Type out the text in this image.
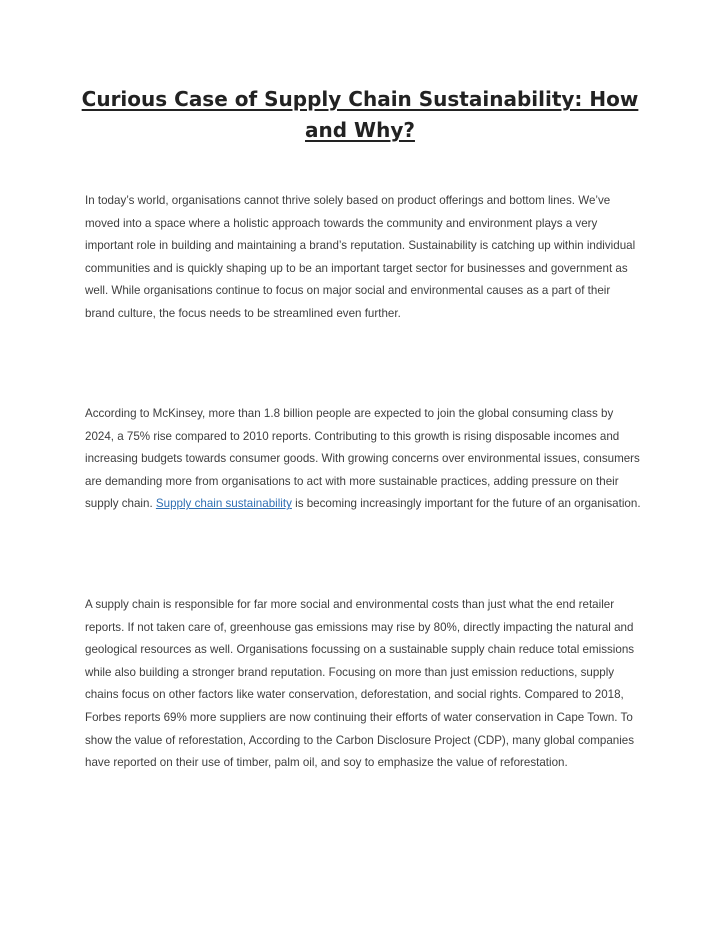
Curious Case of Supply Chain Sustainability: How and Why?

In today’s world, organisations cannot thrive solely based on product offerings and bottom lines. We’ve moved into a space where a holistic approach towards the community and environment plays a very important role in building and maintaining a brand’s reputation. Sustainability is catching up within individual communities and is quickly shaping up to be an important target sector for businesses and government as well. While organisations continue to focus on major social and environmental causes as a part of their brand culture, the focus needs to be streamlined even further.

According to McKinsey, more than 1.8 billion people are expected to join the global consuming class by 2024, a 75% rise compared to 2010 reports. Contributing to this growth is rising disposable incomes and increasing budgets towards consumer goods. With growing concerns over environmental issues, consumers are demanding more from organisations to act with more sustainable practices, adding pressure on their supply chain. Supply chain sustainability is becoming increasingly important for the future of an organisation.

A supply chain is responsible for far more social and environmental costs than just what the end retailer reports. If not taken care of, greenhouse gas emissions may rise by 80%, directly impacting the natural and geological resources as well. Organisations focussing on a sustainable supply chain reduce total emissions while also building a stronger brand reputation. Focusing on more than just emission reductions, supply chains focus on other factors like water conservation, deforestation, and social rights. Compared to 2018, Forbes reports 69% more suppliers are now continuing their efforts of water conservation in Cape Town. To show the value of reforestation, According to the Carbon Disclosure Project (CDP), many global companies have reported on their use of timber, palm oil, and soy to emphasize the value of reforestation.
